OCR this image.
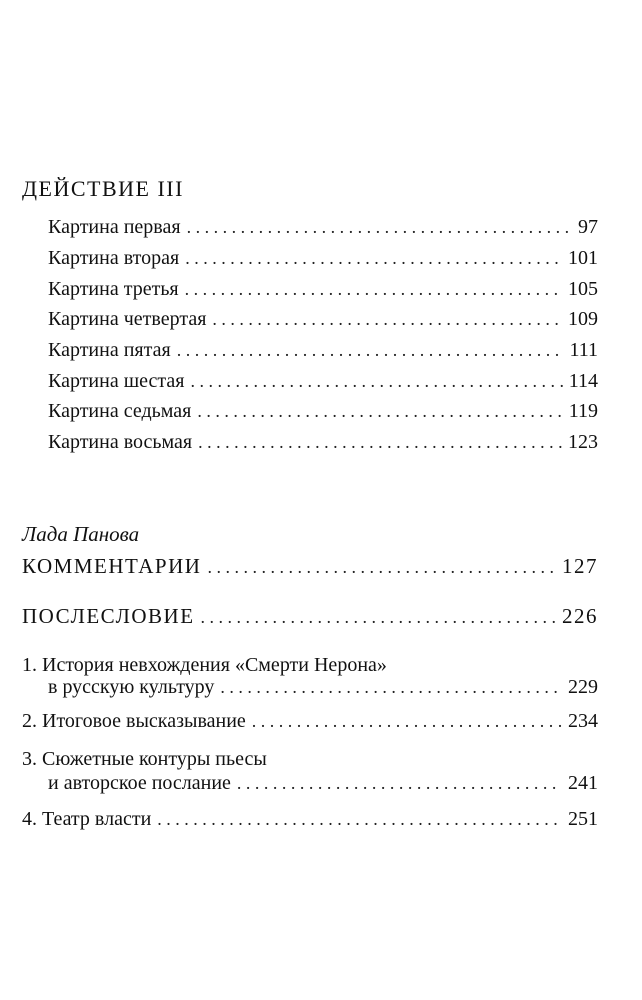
ДЕЙСТВИЕ III
Картина первая . . .	97
Картина вторая . . .	101
Картина третья . . .	105
Картина четвертая . . .	109
Картина пятая . . .	111
Картина шестая . . .	114
Картина седьмая . . .	119
Картина восьмая . . .	123
Лада Панова
КОММЕНТАРИИ . . .	127
ПОСЛЕСЛОВИЕ . . .	226
1. История невхождения «Смерти Нерона»
в русскую культуру . . .	229
2. Итоговое высказывание . . .	234
3. Сюжетные контуры пьесы
и авторское послание . . .	241
4. Театр власти . . .	251
